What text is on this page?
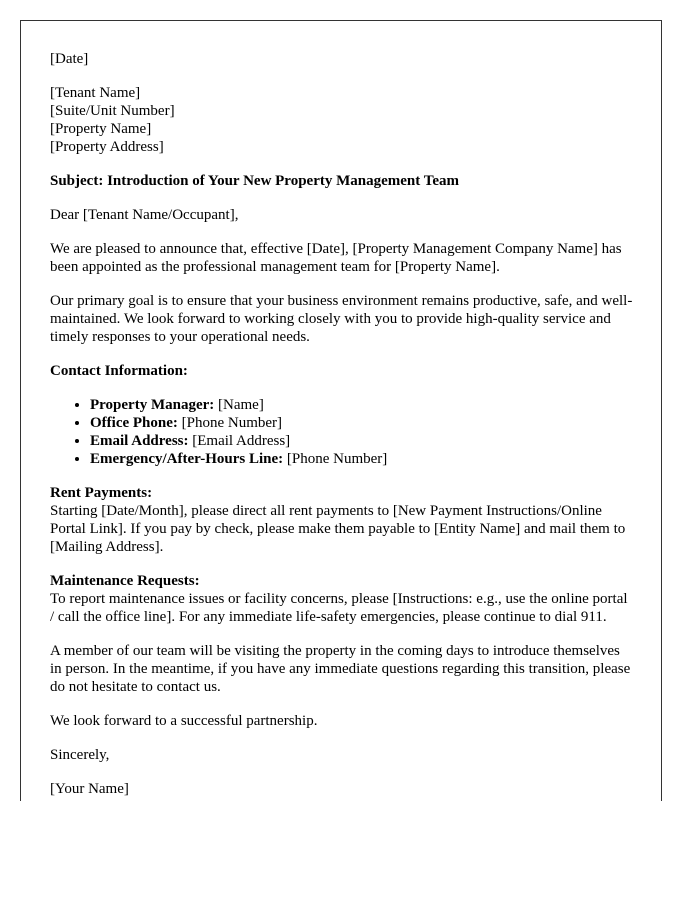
[Date]
[Tenant Name]
[Suite/Unit Number]
[Property Name]
[Property Address]
Subject: Introduction of Your New Property Management Team

Dear [Tenant Name/Occupant],

We are pleased to announce that, effective [Date], [Property Management Company Name] has been appointed as the professional management team for [Property Name].

Our primary goal is to ensure that your business environment remains productive, safe, and well-maintained. We look forward to working closely with you to provide high-quality service and timely responses to your operational needs.

Contact Information:
• Property Manager: [Name]
• Office Phone: [Phone Number]
• Email Address: [Email Address]
• Emergency/After-Hours Line: [Phone Number]
Rent Payments:
Starting [Date/Month], please direct all rent payments to [New Payment Instructions/Online Portal Link]. If you pay by check, please make them payable to [Entity Name] and mail them to [Mailing Address].
Maintenance Requests:
To report maintenance issues or facility concerns, please [Instructions: e.g., use the online portal / call the office line]. For any immediate life-safety emergencies, please continue to dial 911.

A member of our team will be visiting the property in the coming days to introduce themselves in person. In the meantime, if you have any immediate questions regarding this transition, please do not hesitate to contact us.

We look forward to a successful partnership.

Sincerely,

[Your Name]
